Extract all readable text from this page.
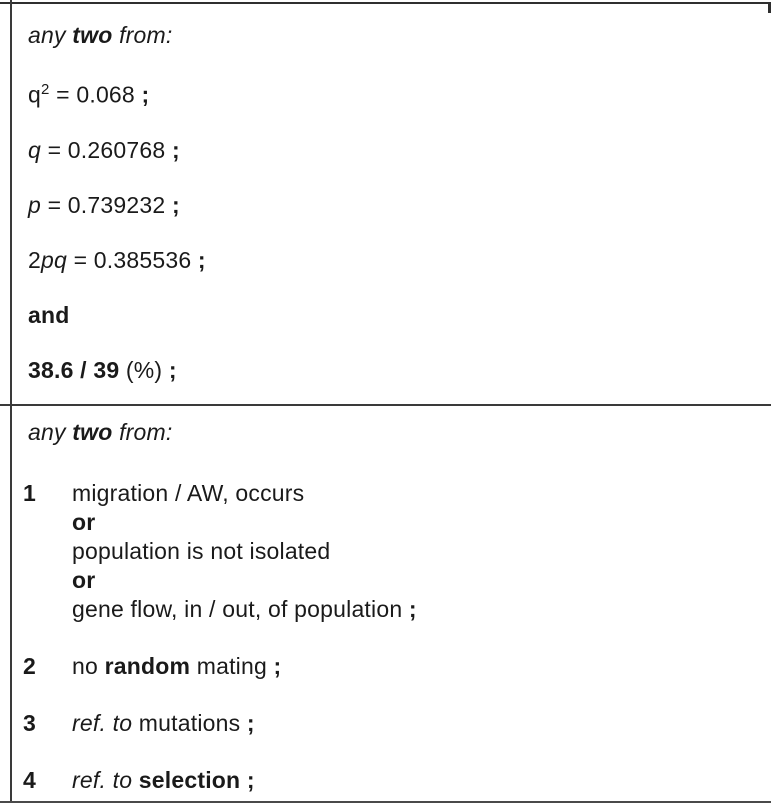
any two from:

$q^2 = 0.068$ ;

q = 0.260768 ;

p = 0.739232 ;

2pq = 0.385536 ;

and

38.6 / 39 (%) ;

any two from:

1	migration / AW, occurs
or
population is not isolated
or
gene flow, in / out, of population ;
2	no random mating ;
3	ref. to mutations ;
4	ref. to selection ;
